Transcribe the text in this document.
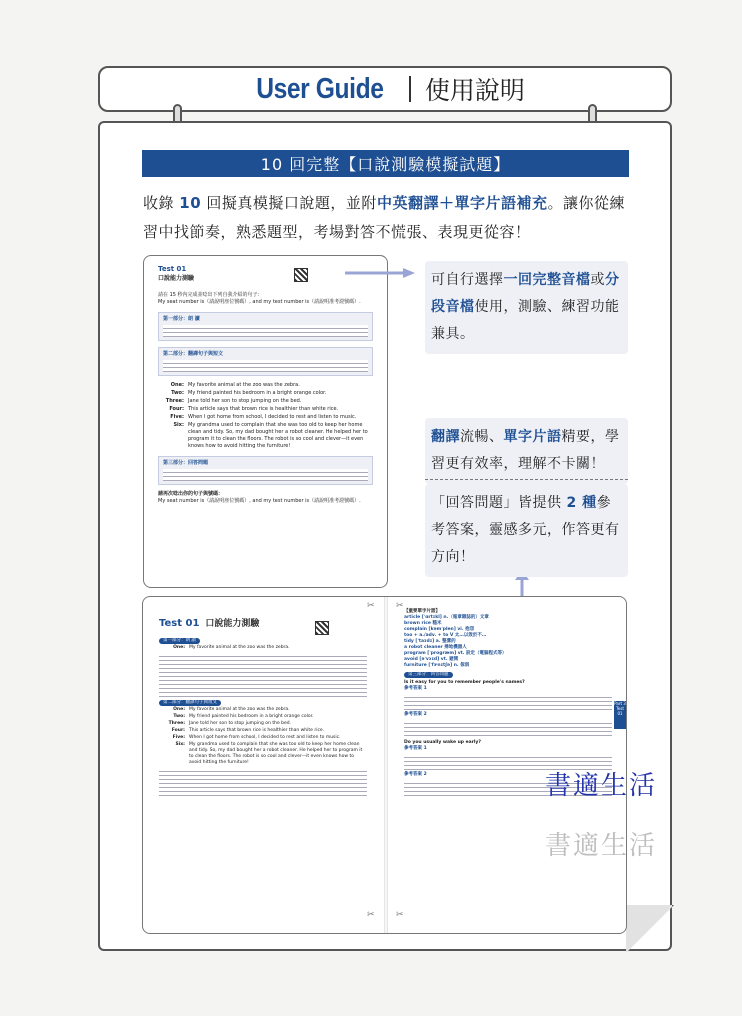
User Guide 使用說明
10 回完整【口說測驗模擬試題】
收錄 10 回擬真模擬口說題，並附中英翻譯＋單字片語補充。讓你從練習中找節奏，熟悉題型，考場對答不慌張、表現更從容！
Test 01
口說能力測驗
請在 15 秒內完成並唸出下列自我介紹的句子：
My seat number is（請說明座位號碼）, and my test number is（請說明准考證號碼）.
第一部分：朗 讀
第二部分：翻譯句子與短文
One: My favorite animal at the zoo was the zebra.
Two: My friend painted his bedroom in a bright orange color.
Three: Jane told her son to stop jumping on the bed.
Four: This article says that brown rice is healthier than white rice.
Five: When I got home from school, I decided to rest and listen to music.
Six: My grandma used to complain that she was too old to keep her home clean and tidy. So, my dad bought her a robot cleaner. He helped her to program it to clean the floors. The robot is so cool and clever—it even knows how to avoid hitting the furniture!
第三部分：回答問題
請再次唸出你的句子與號碼：
My seat number is（請說明座位號碼）, and my test number is（請說明准考證號碼）.
可自行選擇一回完整音檔或分段音檔使用，測驗、練習功能兼具。
翻譯流暢、單字片語精要，學習更有效率，理解不卡關！
「回答問題」皆提供 2 種參考答案，靈感多元，作答更有方向！
Test 01 口說能力測驗
第一部分：朗 讀
One: My favorite animal at the zoo was the zebra.
第二部分：翻譯句子與短文
One: My favorite animal at the zoo was the zebra.
Two: My friend painted his bedroom in a bright orange color.
Three: Jane told her son to stop jumping on the bed.
Four: This article says that brown rice is healthier than white rice.
Five: When I got home from school, I decided to rest and listen to music.
Six: My grandma used to complain that she was too old to keep her home clean and tidy. So, my dad bought her a robot cleaner. He helped her to program it to clean the floors. The robot is so cool and clever—it even knows how to avoid hitting the furniture!
【重要單字片語】
article [ˈɑrtɪkl] n.（報章雜誌的）文章
brown rice 糙米
complain [kəmˈplen] vi. 抱怨
too + a./adv. + to V 太…以致於不…
tidy [ˈtaɪdɪ] a. 整潔的
a robot cleaner 掃地機器人
program [ˈprogræm] vt. 設定（電腦程式等）
avoid [əˈvɔɪd] vt. 避開
furniture [ˈfɝnɪtʃə] n. 傢俱
第三部分：回答問題
Is it easy for you to remember people's names?
參考答案 1
參考答案 2
Do you usually wake up early?
參考答案 1
參考答案 2
Part 3 Test 01
✂
✂
✂
✂
書適生活
書適生活
